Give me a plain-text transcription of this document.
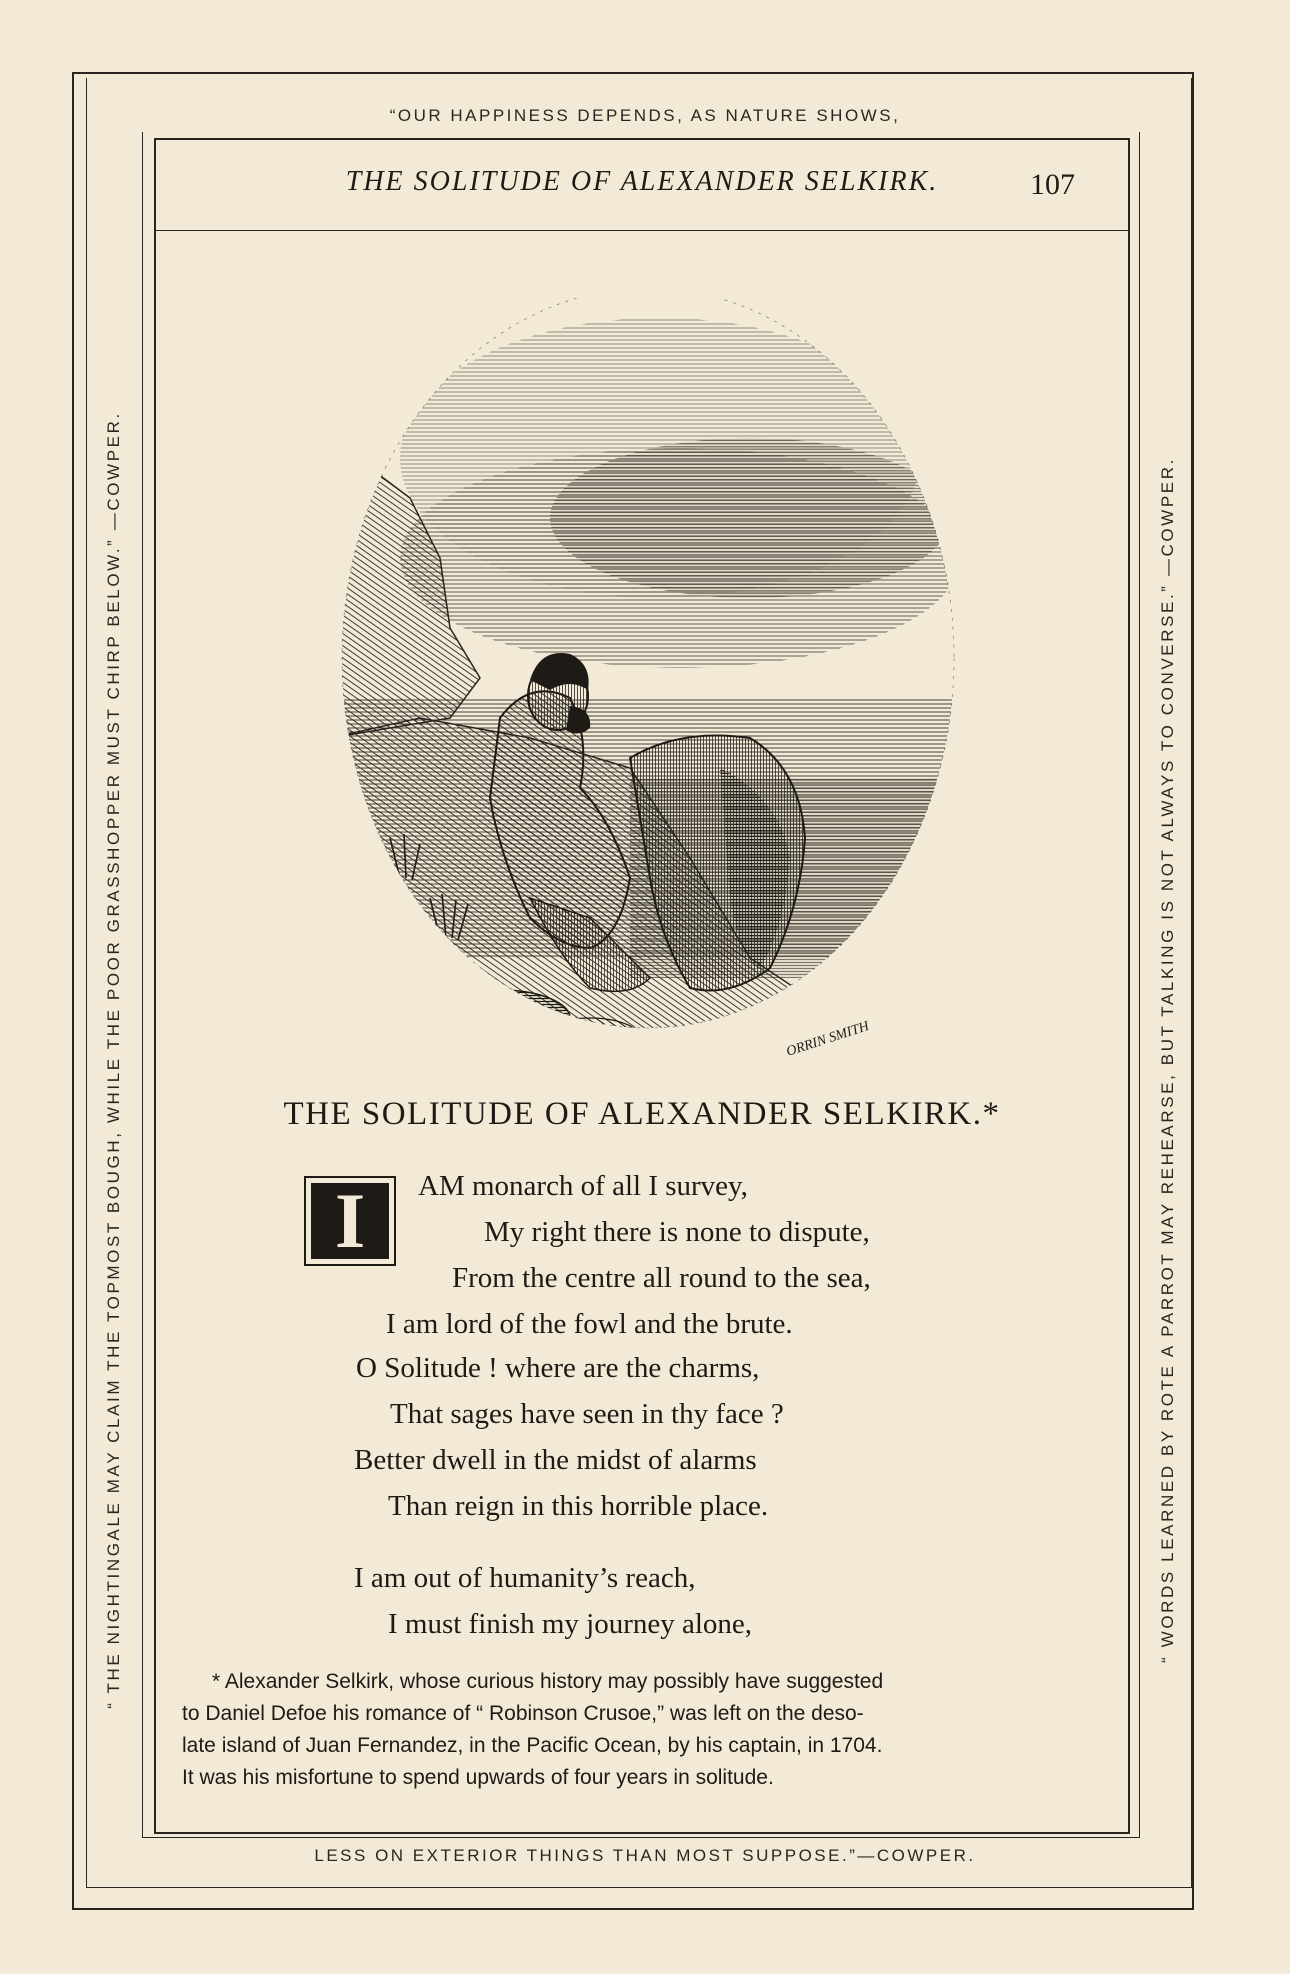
“OUR HAPPINESS DEPENDS, AS NATURE SHOWS,
LESS ON EXTERIOR THINGS THAN MOST SUPPOSE.”—COWPER.
“ THE NIGHTINGALE MAY CLAIM THE TOPMOST BOUGH, WHILE THE POOR GRASSHOPPER MUST CHIRP BELOW.” —COWPER.	“ WORDS LEARNED BY ROTE A PARROT MAY REHEARSE, BUT TALKING IS NOT ALWAYS TO CONVERSE.” —COWPER.
THE SOLITUDE OF ALEXANDER SELKIRK.	107
ORRIN SMITH
THE SOLITUDE OF ALEXANDER SELKIRK.*
I AM monarch of all I survey,
My right there is none to dispute,
From the centre all round to the sea,
I am lord of the fowl and the brute.
O Solitude ! where are the charms,
That sages have seen in thy face ?
Better dwell in the midst of alarms
Than reign in this horrible place.
I am out of humanity’s reach,
I must finish my journey alone,
* Alexander Selkirk, whose curious history may possibly have suggested
to Daniel Defoe his romance of “ Robinson Crusoe,” was left on the deso-
late island of Juan Fernandez, in the Pacific Ocean, by his captain, in 1704.
It was his misfortune to spend upwards of four years in solitude.
